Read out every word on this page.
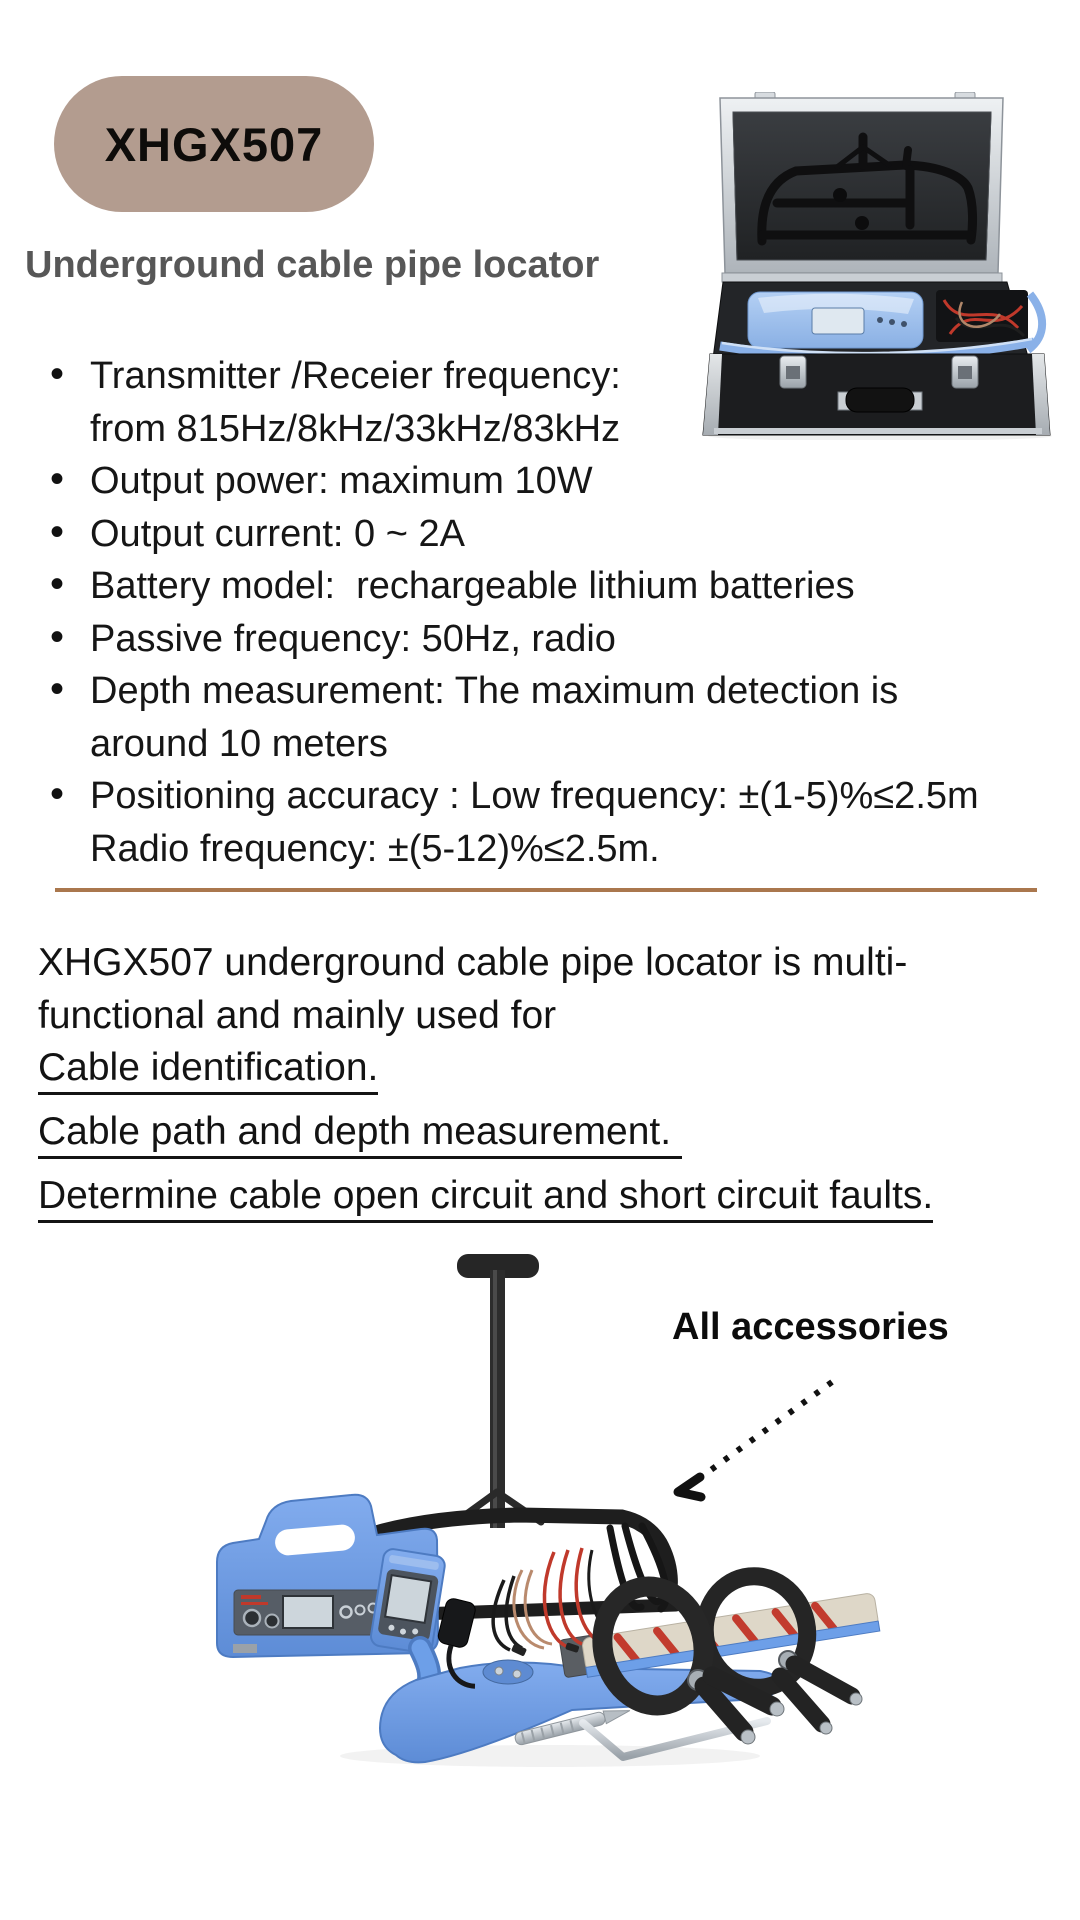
XHGX507
Underground cable pipe locator
• Transmitter /Receier frequency:
from 815Hz/8kHz/33kHz/83kHz
• Output power: maximum 10W
• Output current: 0 ~ 2A
• Battery model:  rechargeable lithium batteries
• Passive frequency: 50Hz, radio
• Depth measurement: The maximum detection is
around 10 meters
• Positioning accuracy : Low frequency: ±(1-5)%≤2.5m
Radio frequency: ±(5-12)%≤2.5m.
XHGX507 underground cable pipe locator is multi-
functional and mainly used for
Cable identification.
Cable path and depth measurement.
Determine cable open circuit and short circuit faults.
All accessories
